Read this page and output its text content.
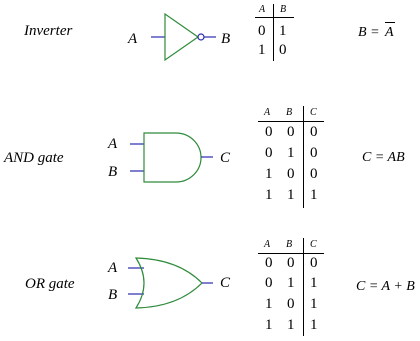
Inverter	A	B
A B
0 1
1 0
B = A
AND gate
A
B
C
A B C
0 0 0
0 1 0
1 0 0
1 1 1
C = AB
OR gate
A
B
C
A B C
0 0 0
0 1 1
1 0 1
1 1 1
C = A + B
